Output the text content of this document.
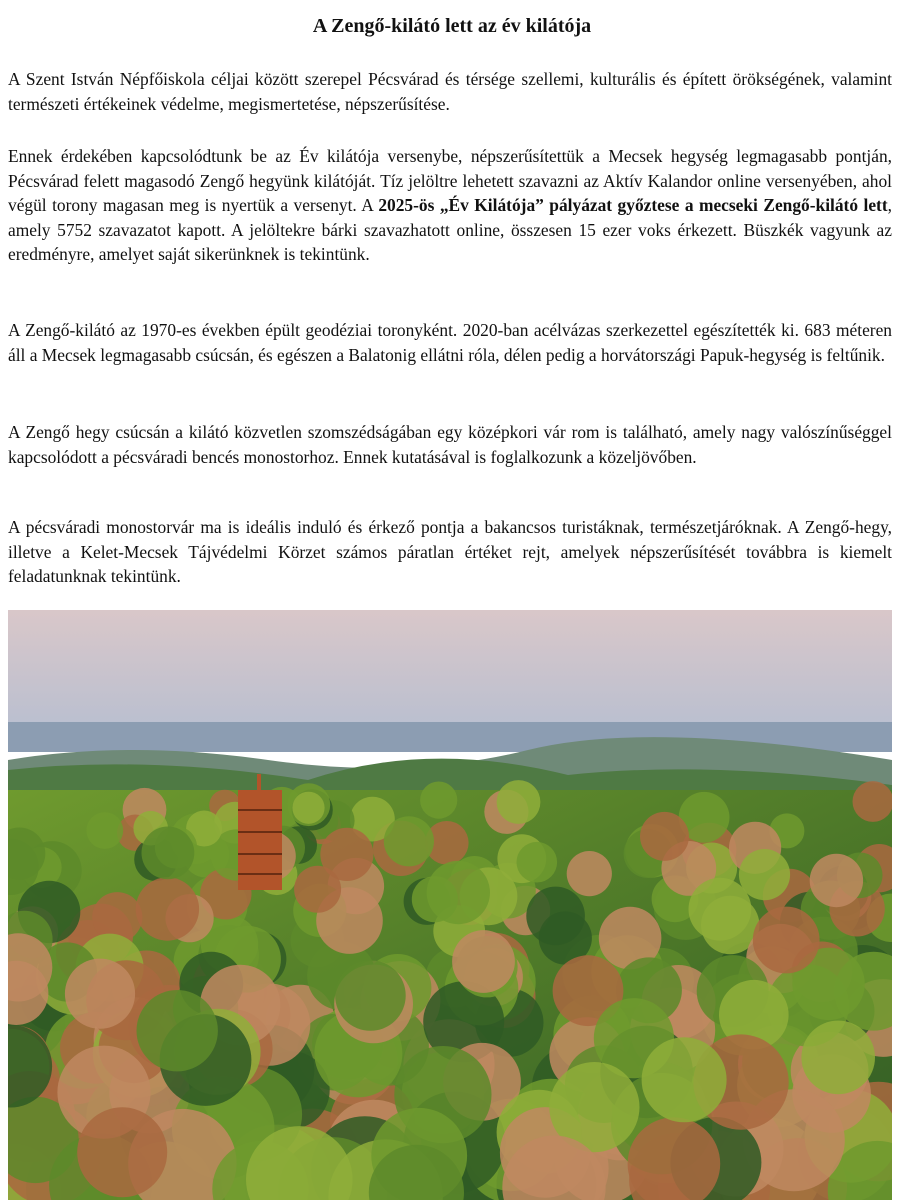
A Zengő-kilátó lett az év kilátója

A Szent István Népfőiskola céljai között szerepel Pécsvárad és térsége szellemi, kulturális és épített örökségének, valamint természeti értékeinek védelme, megismertetése, népszerűsítése.

Ennek érdekében kapcsolódtunk be az Év kilátója versenybe, népszerűsítettük a Mecsek hegység legmagasabb pontján, Pécsvárad felett magasodó Zengő hegyünk kilátóját. Tíz jelöltre lehetett szavazni az Aktív Kalandor online versenyében, ahol végül torony magasan meg is nyertük a versenyt. A 2025-ös „Év Kilátója” pályázat győztese a mecseki Zengő-kilátó lett, amely 5752 szavazatot kapott. A jelöltekre bárki szavazhatott online, összesen 15 ezer voks érkezett. Büszkék vagyunk az eredményre, amelyet saját sikerünknek is tekintünk.

A Zengő-kilátó az 1970-es években épült geodéziai toronyként. 2020-ban acélvázas szerkezettel egészítették ki. 683 méteren áll a Mecsek legmagasabb csúcsán, és egészen a Balatonig ellátni róla, délen pedig a horvátországi Papuk-hegység is feltűnik.

A Zengő hegy csúcsán a kilátó közvetlen szomszédságában egy középkori vár rom is található, amely nagy valószínűséggel kapcsolódott a pécsváradi bencés monostorhoz. Ennek kutatásával is foglalkozunk a közeljövőben.

A pécsváradi monostorvár ma is ideális induló és érkező pontja a bakancsos turistáknak, természetjáróknak. A Zengő-hegy, illetve a Kelet-Mecsek Tájvédelmi Körzet számos páratlan értéket rejt, amelyek népszerűsítését továbbra is kiemelt feladatunknak tekintünk.
